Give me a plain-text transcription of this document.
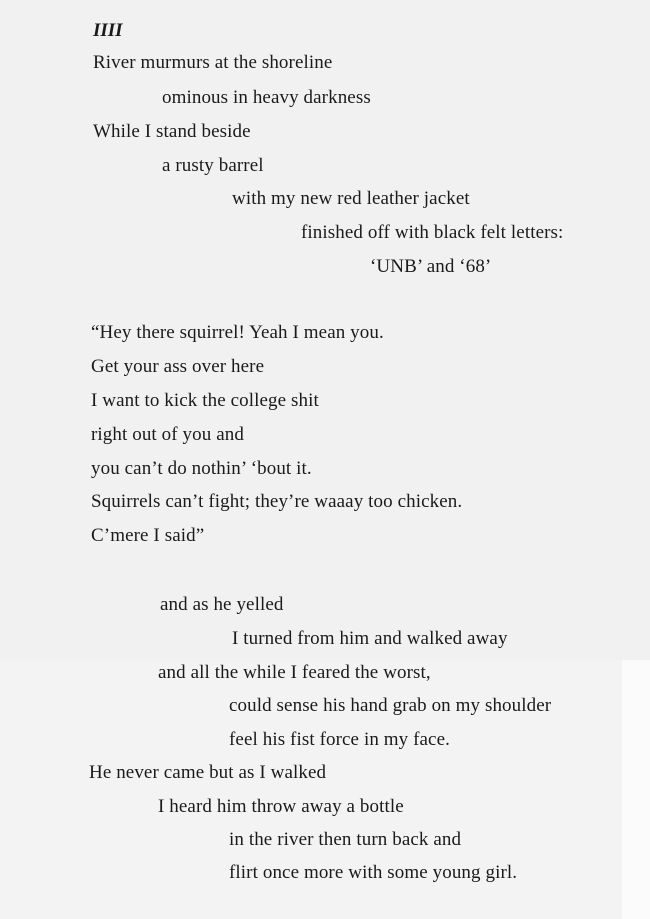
IIII
River murmurs at the shoreline
ominous in heavy darkness
While I stand beside
a rusty barrel
with my new red leather jacket
finished off with black felt letters:
‘UNB’ and ‘68’
“Hey there squirrel! Yeah I mean you.
Get your ass over here
I want to kick the college shit
right out of you and
you can’t do nothin’ ‘bout it.
Squirrels can’t fight; they’re waaay too chicken.
C’mere I said”
and as he yelled
I turned from him and walked away
and all the while I feared the worst,
could sense his hand grab on my shoulder
feel his fist force in my face.
He never came but as I walked
I heard him throw away a bottle
in the river then turn back and
flirt once more with some young girl.
